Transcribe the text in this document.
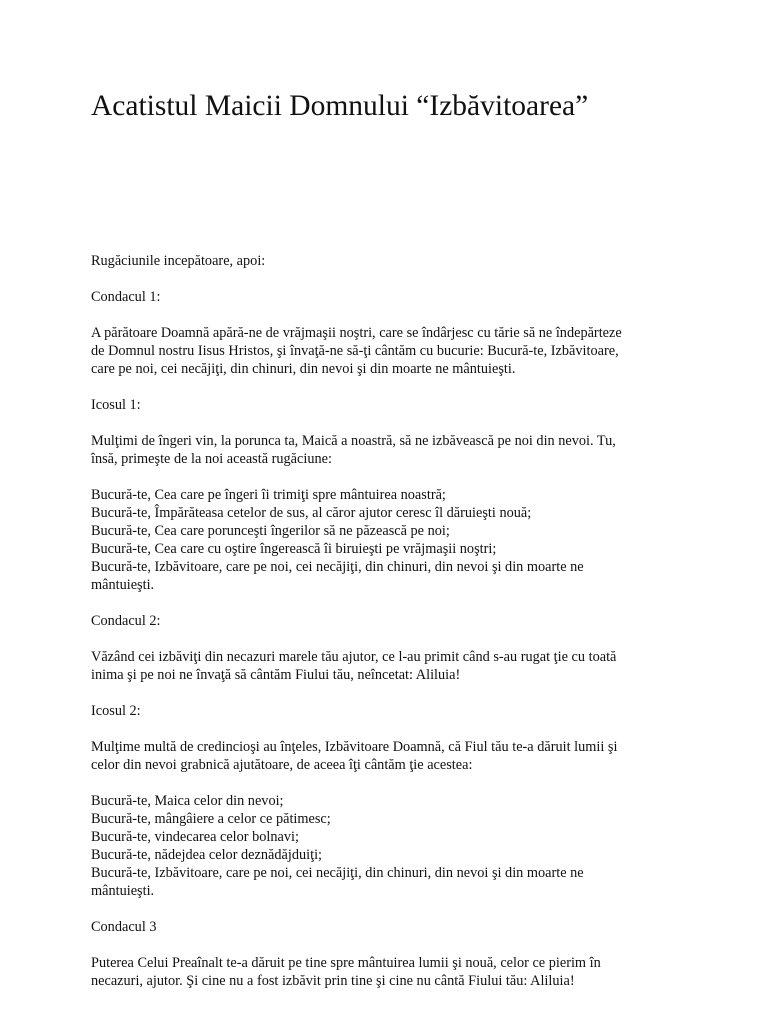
Acatistul Maicii Domnului “Izbăvitoarea”

Rugăciunile incepătoare, apoi:

Condacul 1:

A părătoare Doamnă apără-ne de vrăjmaşii noştri, care se îndârjesc cu tărie să ne îndepărteze
de Domnul nostru Iisus Hristos, şi învaţă-ne să-ţi cântăm cu bucurie: Bucură-te, Izbăvitoare,
care pe noi, cei necăjiţi, din chinuri, din nevoi şi din moarte ne mântuieşti.

Icosul 1:

Mulţimi de îngeri vin, la porunca ta, Maică a noastră, să ne izbăvească pe noi din nevoi. Tu,
însă, primeşte de la noi această rugăciune:

Bucură-te, Cea care pe îngeri îi trimiţi spre mântuirea noastră;
Bucură-te, Împărăteasa cetelor de sus, al căror ajutor ceresc îl dăruieşti nouă;
Bucură-te, Cea care porunceşti îngerilor să ne păzească pe noi;
Bucură-te, Cea care cu oştire îngerească îi biruieşti pe vrăjmaşii noştri;
Bucură-te, Izbăvitoare, care pe noi, cei necăjiţi, din chinuri, din nevoi şi din moarte ne
mântuieşti.

Condacul 2:

Văzând cei izbăviţi din necazuri marele tău ajutor, ce l-au primit când s-au rugat ţie cu toată
inima şi pe noi ne învaţă să cântăm Fiului tău, neîncetat: Aliluia!

Icosul 2:

Mulţime multă de credincioşi au înţeles, Izbăvitoare Doamnă, că Fiul tău te-a dăruit lumii şi
celor din nevoi grabnică ajutătoare, de aceea îţi cântăm ţie acestea:

Bucură-te, Maica celor din nevoi;
Bucură-te, mângâiere a celor ce pătimesc;
Bucură-te, vindecarea celor bolnavi;
Bucură-te, nădejdea celor deznădăjduiţi;
Bucură-te, Izbăvitoare, care pe noi, cei necăjiţi, din chinuri, din nevoi şi din moarte ne
mântuieşti.

Condacul 3

Puterea Celui Preaînalt te-a dăruit pe tine spre mântuirea lumii şi nouă, celor ce pierim în
necazuri, ajutor. Şi cine nu a fost izbăvit prin tine şi cine nu cântă Fiului tău: Aliluia!
